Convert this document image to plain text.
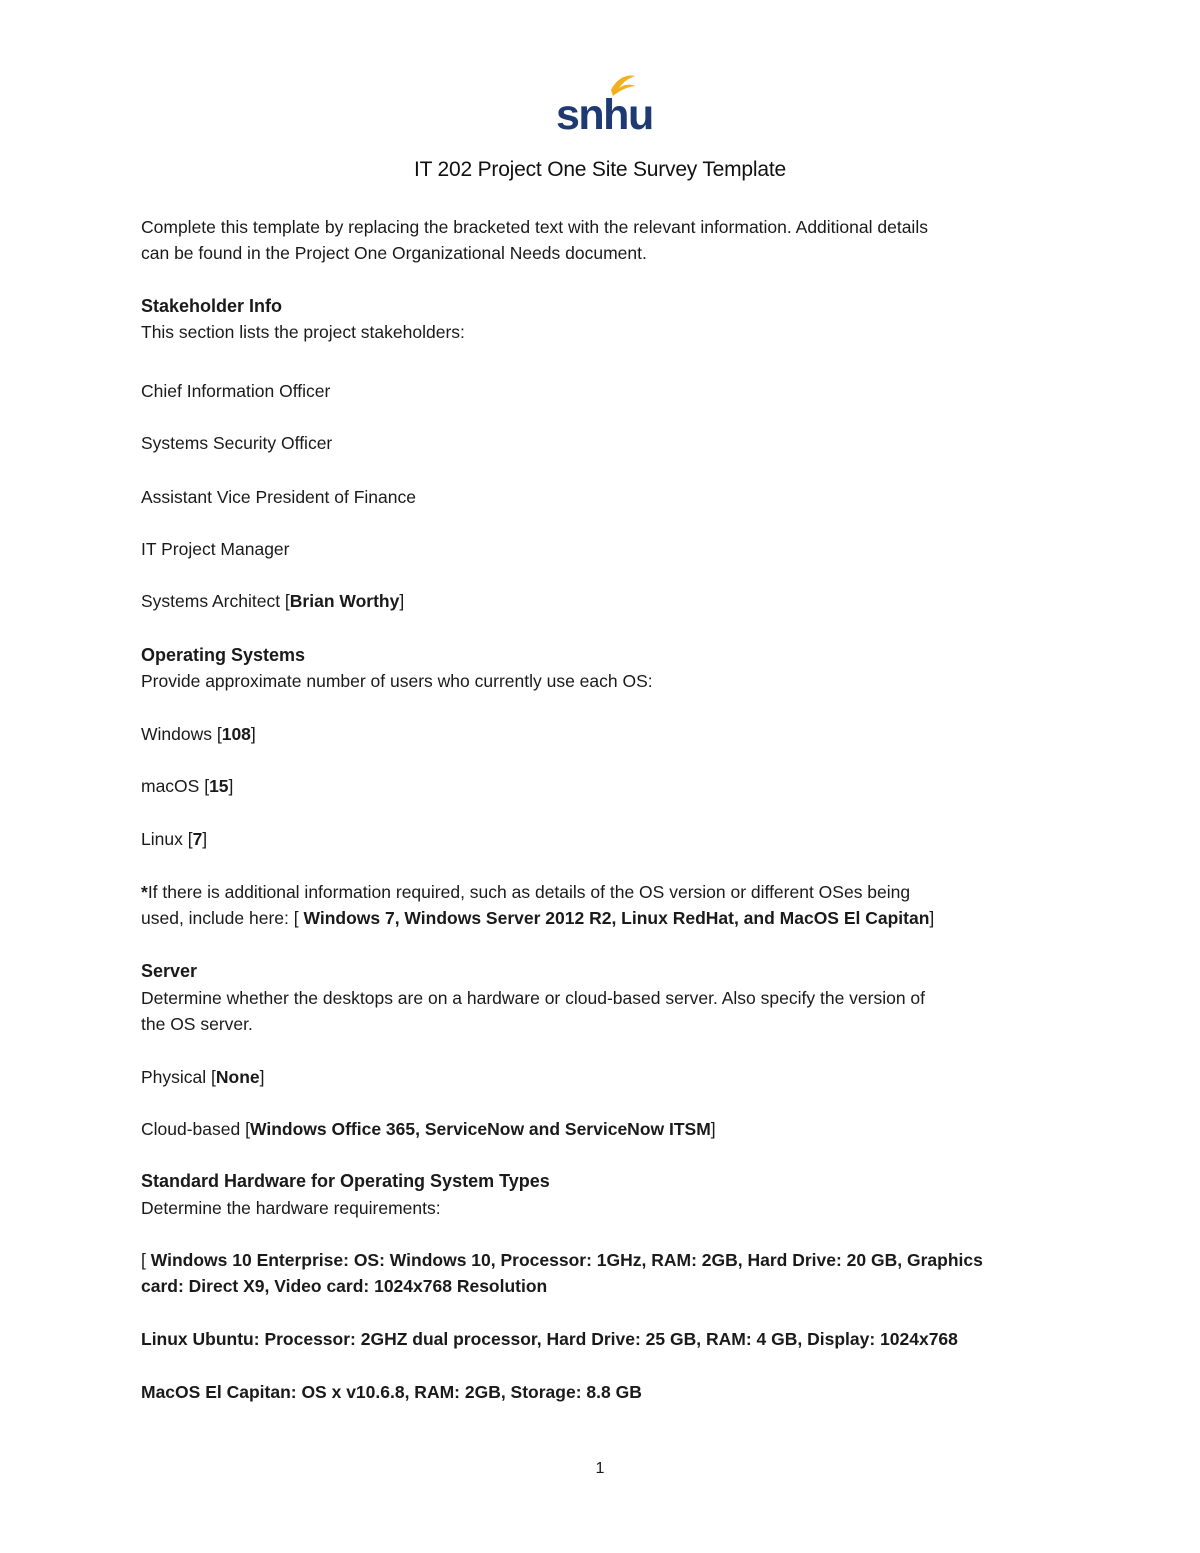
snhu
IT 202 Project One Site Survey Template
Complete this template by replacing the bracketed text with the relevant information. Additional details
can be found in the Project One Organizational Needs document.
Stakeholder Info
This section lists the project stakeholders:
Chief Information Officer
Systems Security Officer
Assistant Vice President of Finance
IT Project Manager
Systems Architect [Brian Worthy]
Operating Systems
Provide approximate number of users who currently use each OS:
Windows [108]
macOS [15]
Linux [7]
*If there is additional information required, such as details of the OS version or different OSes being
used, include here: [ Windows 7, Windows Server 2012 R2, Linux RedHat, and MacOS El Capitan]
Server
Determine whether the desktops are on a hardware or cloud-based server. Also specify the version of
the OS server.
Physical [None]
Cloud-based [Windows Office 365, ServiceNow and ServiceNow ITSM]
Standard Hardware for Operating System Types
Determine the hardware requirements:
[ Windows 10 Enterprise: OS: Windows 10, Processor: 1GHz, RAM: 2GB, Hard Drive: 20 GB, Graphics
card: Direct X9, Video card: 1024x768 Resolution
Linux Ubuntu: Processor: 2GHZ dual processor, Hard Drive: 25 GB, RAM: 4 GB, Display: 1024x768
MacOS El Capitan: OS x v10.6.8, RAM: 2GB, Storage: 8.8 GB
1
